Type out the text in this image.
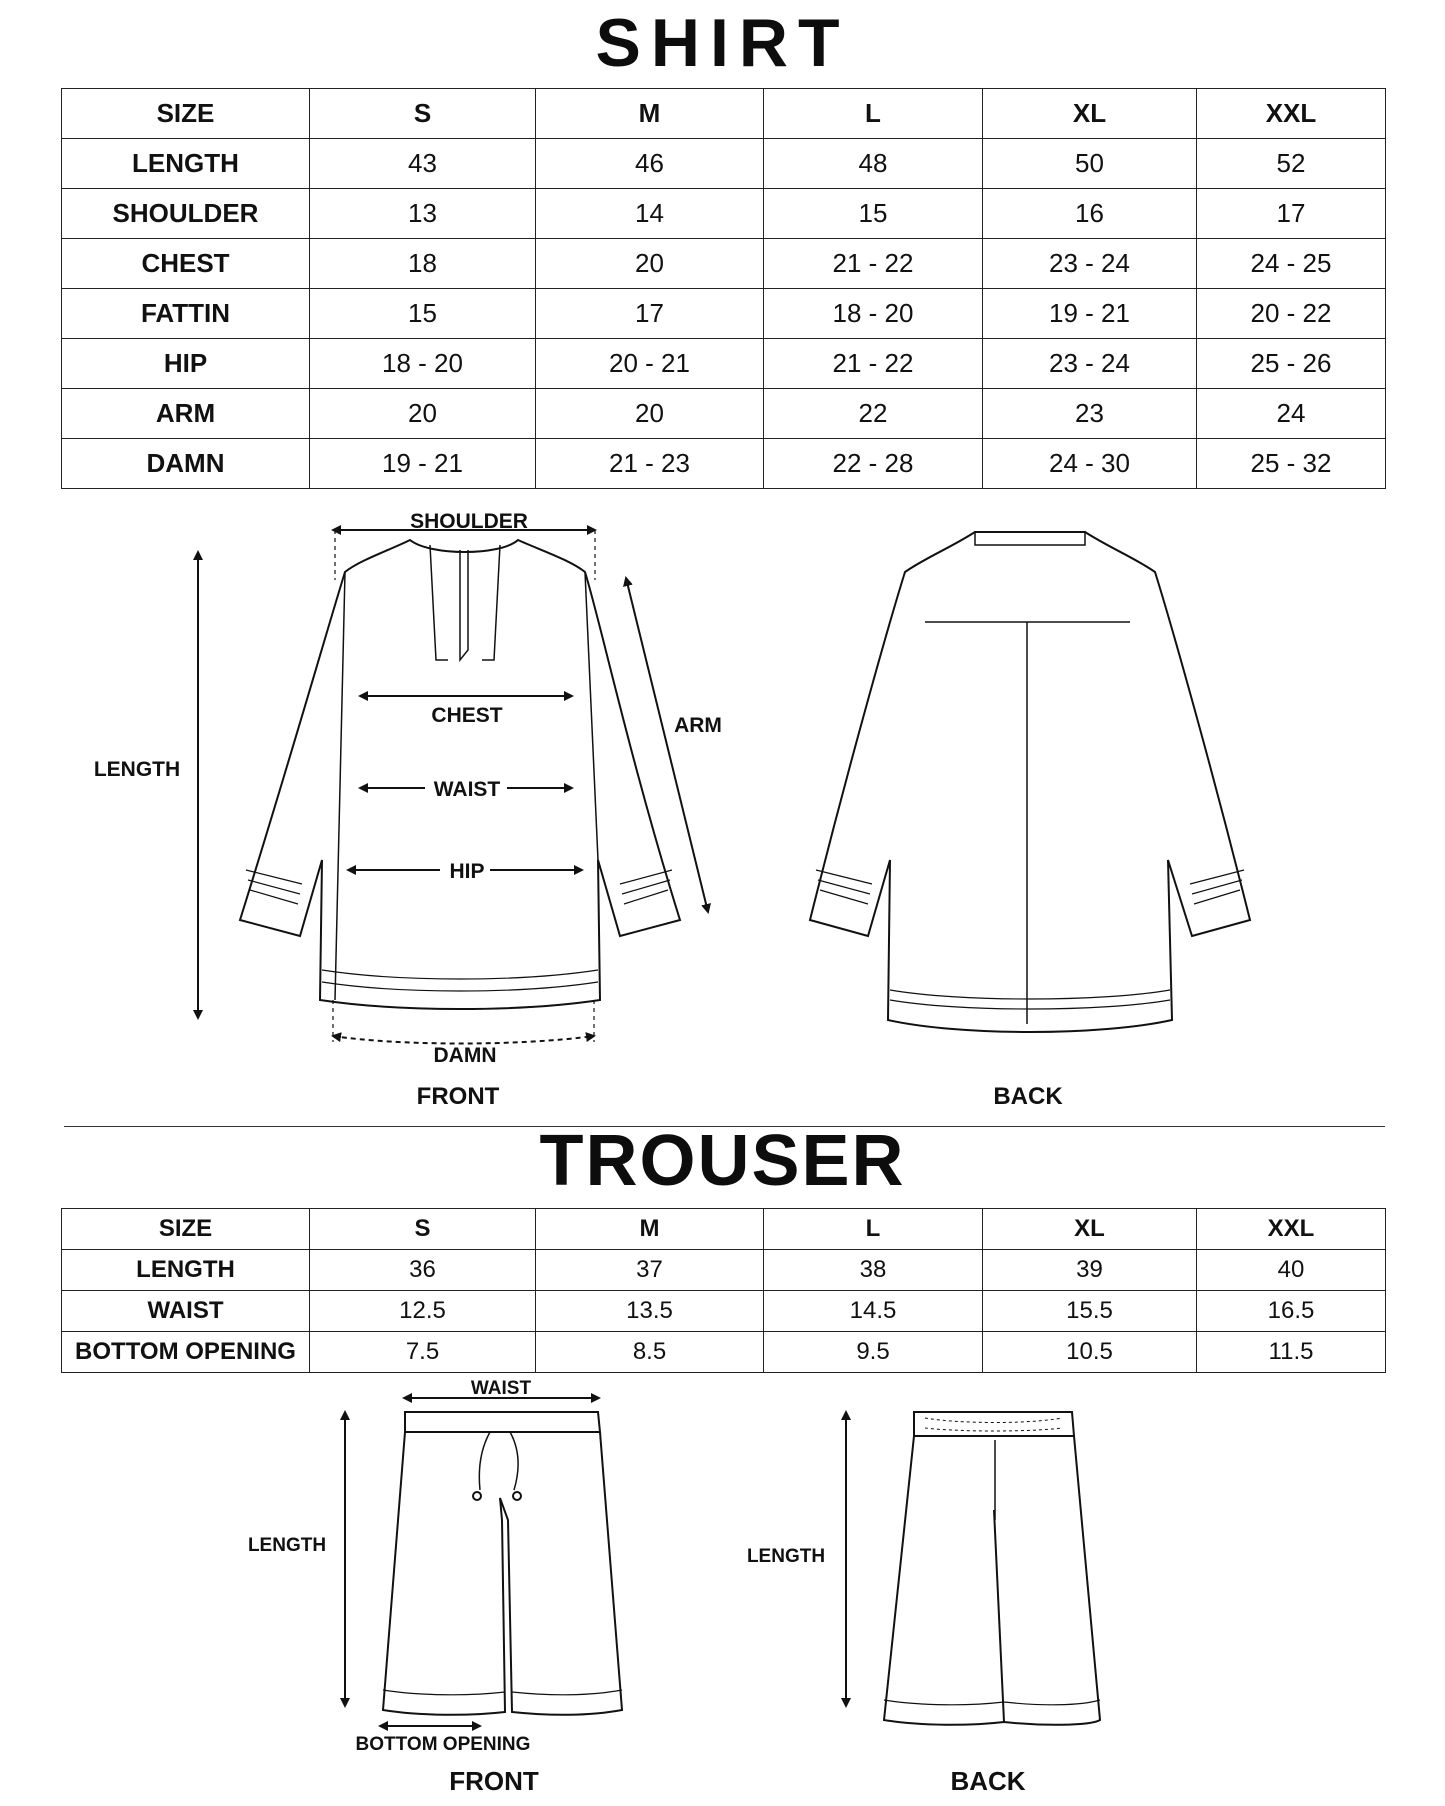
SHIRT
SIZE	S	M	L	XL	XXL
LENGTH	43	46	48	50	52
SHOULDER	13	14	15	16	17
CHEST	18	20	21 - 22	23 - 24	24 - 25
FATTIN	15	17	18 - 20	19 - 21	20 - 22
HIP	18 - 20	20 - 21	21 - 22	23 - 24	25 - 26
ARM	20	20	22	23	24
DAMN	19 - 21	21 - 23	22 - 28	24 - 30	25 - 32
SHOULDER
LENGTH
CHEST	ARM
WAIST
HIP
DAMN
FRONT	BACK
TROUSER
SIZE	S	M	L	XL	XXL
LENGTH	36	37	38	39	40
WAIST	12.5	13.5	14.5	15.5	16.5
BOTTOM OPENING	7.5	8.5	9.5	10.5	11.5
WAIST
LENGTH
BOTTOM OPENING
FRONT
LENGTH
BACK
